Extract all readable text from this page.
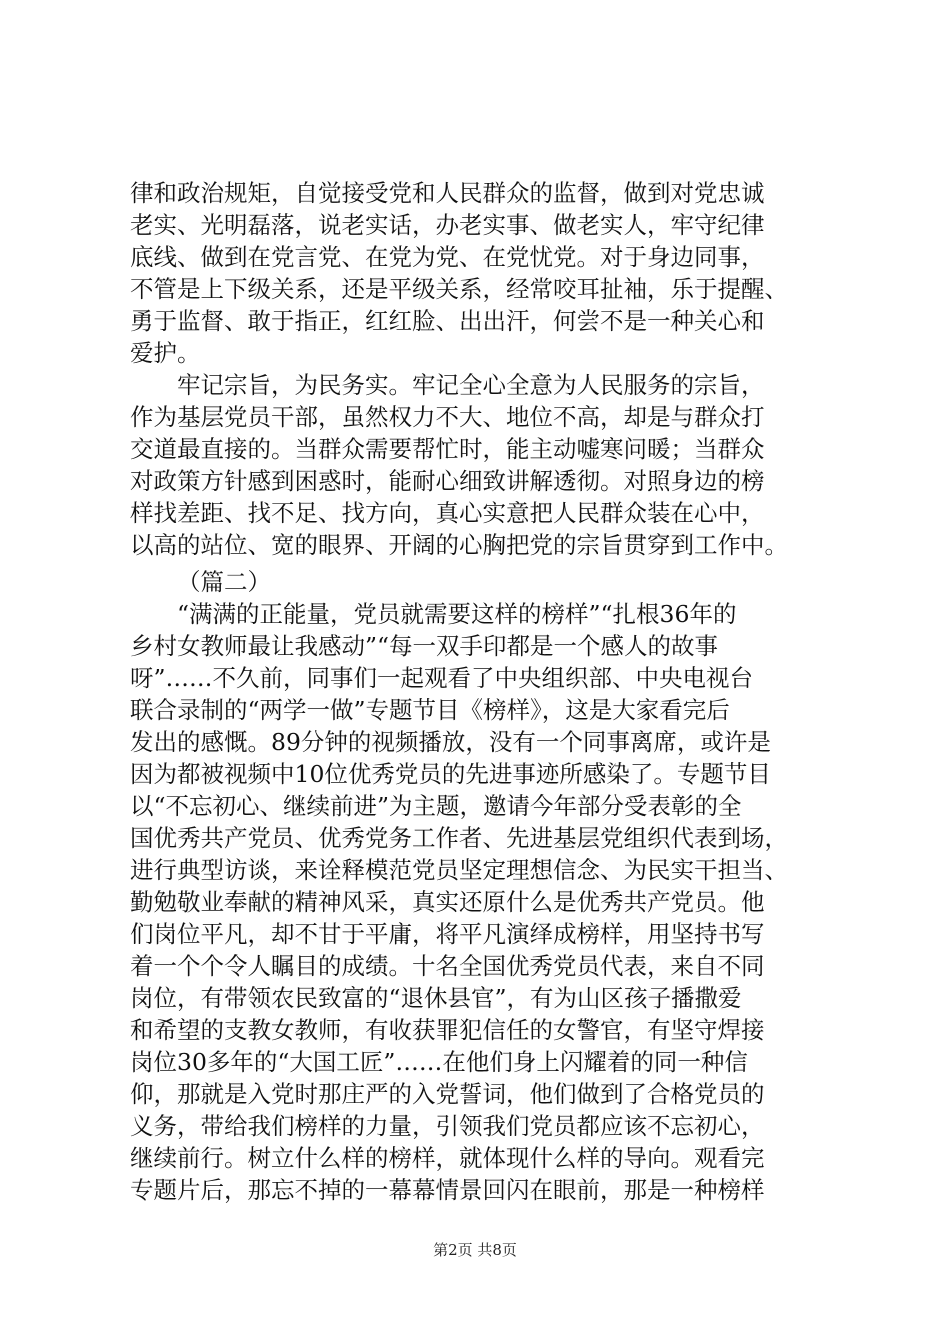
律和政治规矩，自觉接受党和人民群众的监督，做到对党忠诚
老实、光明磊落，说老实话，办老实事、做老实人，牢守纪律
底线、做到在党言党、在党为党、在党忧党。对于身边同事，
不管是上下级关系，还是平级关系，经常咬耳扯袖，乐于提醒、
勇于监督、敢于指正，红红脸、出出汗，何尝不是一种关心和
爱护。
牢记宗旨，为民务实。牢记全心全意为人民服务的宗旨，
作为基层党员干部，虽然权力不大、地位不高，却是与群众打
交道最直接的。当群众需要帮忙时，能主动嘘寒问暖；当群众
对政策方针感到困惑时，能耐心细致讲解透彻。对照身边的榜
样找差距、找不足、找方向，真心实意把人民群众装在心中，
以高的站位、宽的眼界、开阔的心胸把党的宗旨贯穿到工作中。
（篇二）
“满满的正能量，党员就需要这样的榜样”“扎根36年的
乡村女教师最让我感动”“每一双手印都是一个感人的故事
呀”……不久前，同事们一起观看了中央组织部、中央电视台
联合录制的“两学一做”专题节目《榜样》，这是大家看完后
发出的感慨。89分钟的视频播放，没有一个同事离席，或许是
因为都被视频中10位优秀党员的先进事迹所感染了。专题节目
以“不忘初心、继续前进”为主题，邀请今年部分受表彰的全
国优秀共产党员、优秀党务工作者、先进基层党组织代表到场，
进行典型访谈，来诠释模范党员坚定理想信念、为民实干担当、
勤勉敬业奉献的精神风采，真实还原什么是优秀共产党员。他
们岗位平凡，却不甘于平庸，将平凡演绎成榜样，用坚持书写
着一个个令人瞩目的成绩。十名全国优秀党员代表，来自不同
岗位，有带领农民致富的“退休县官”，有为山区孩子播撒爱
和希望的支教女教师，有收获罪犯信任的女警官，有坚守焊接
岗位30多年的“大国工匠”……在他们身上闪耀着的同一种信
仰，那就是入党时那庄严的入党誓词，他们做到了合格党员的
义务，带给我们榜样的力量，引领我们党员都应该不忘初心，
继续前行。树立什么样的榜样，就体现什么样的导向。观看完
专题片后，那忘不掉的一幕幕情景回闪在眼前，那是一种榜样
第2页 共8页
